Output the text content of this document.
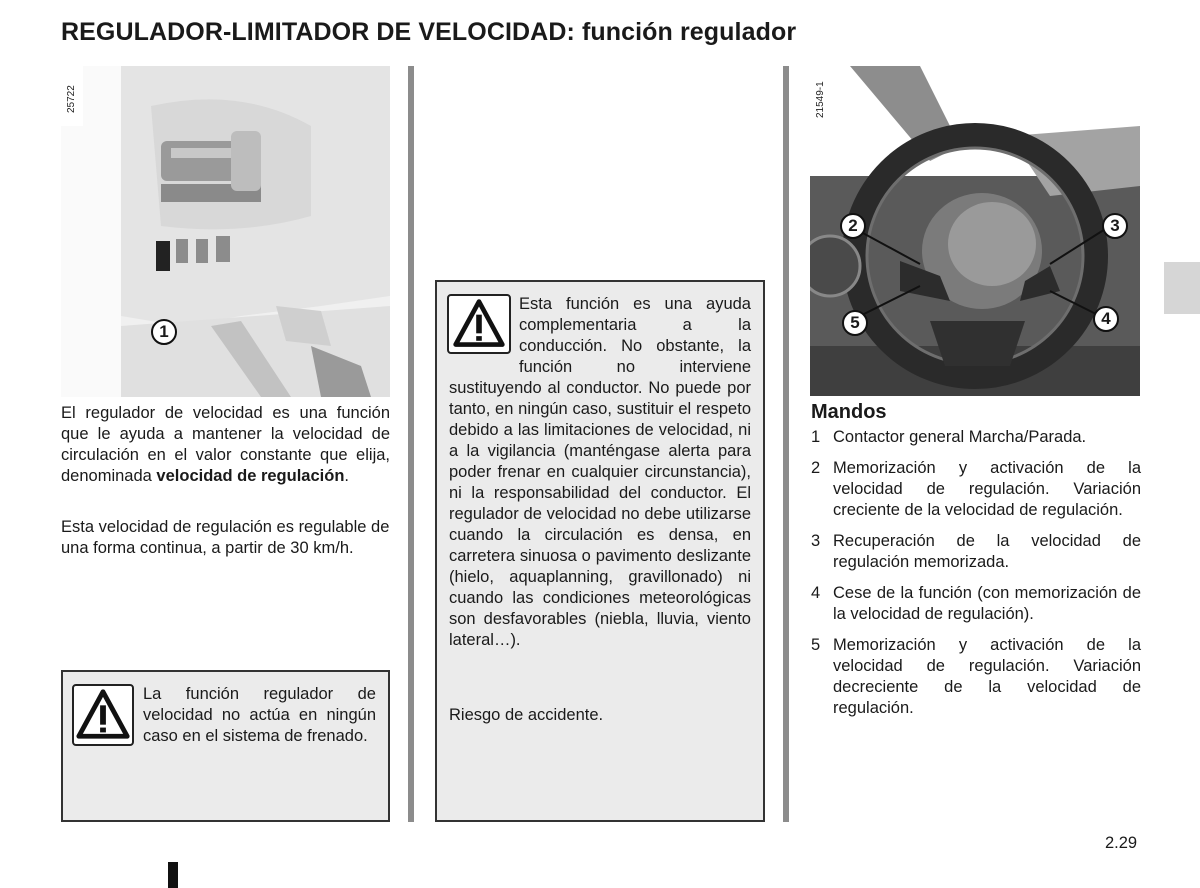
REGULADOR-LIMITADOR DE VELOCIDAD: función regulador
25722
1

El regulador de velocidad es una función que le ayuda a mantener la velocidad de circulación en el valor constante que elija, denominada velocidad de regulación.

Esta velocidad de regulación es regulable de una forma continua, a partir de 30 km/h.

La función regulador de velocidad no actúa en ningún caso en el sistema de frenado.

Esta función es una ayuda complementaria a la conducción. No obstante, la función no interviene sustituyendo al conductor. No puede por tanto, en ningún caso, sustituir el respeto debido a las limitaciones de velocidad, ni a la vigilancia (manténgase alerta para poder frenar en cualquier circunstancia), ni la responsabilidad del conductor. El regulador de velocidad no debe utilizarse cuando la circulación es densa, en carretera sinuosa o pavimento deslizante (hielo, aquaplanning, gravillonado) ni cuando las condiciones meteorológicas son desfavorables (niebla, lluvia, viento lateral…).

Riesgo de accidente.

21549-1
2	3
4
5
Mandos
1 Contactor general Marcha/Parada.
2 Memorización y activación de la velocidad de regulación. Variación creciente de la velocidad de regulación.
3 Recuperación de la velocidad de regulación memorizada.
4 Cese de la función (con memorización de la velocidad de regulación).
5 Memorización y activación de la velocidad de regulación. Variación decreciente de la velocidad de regulación.
2.29
